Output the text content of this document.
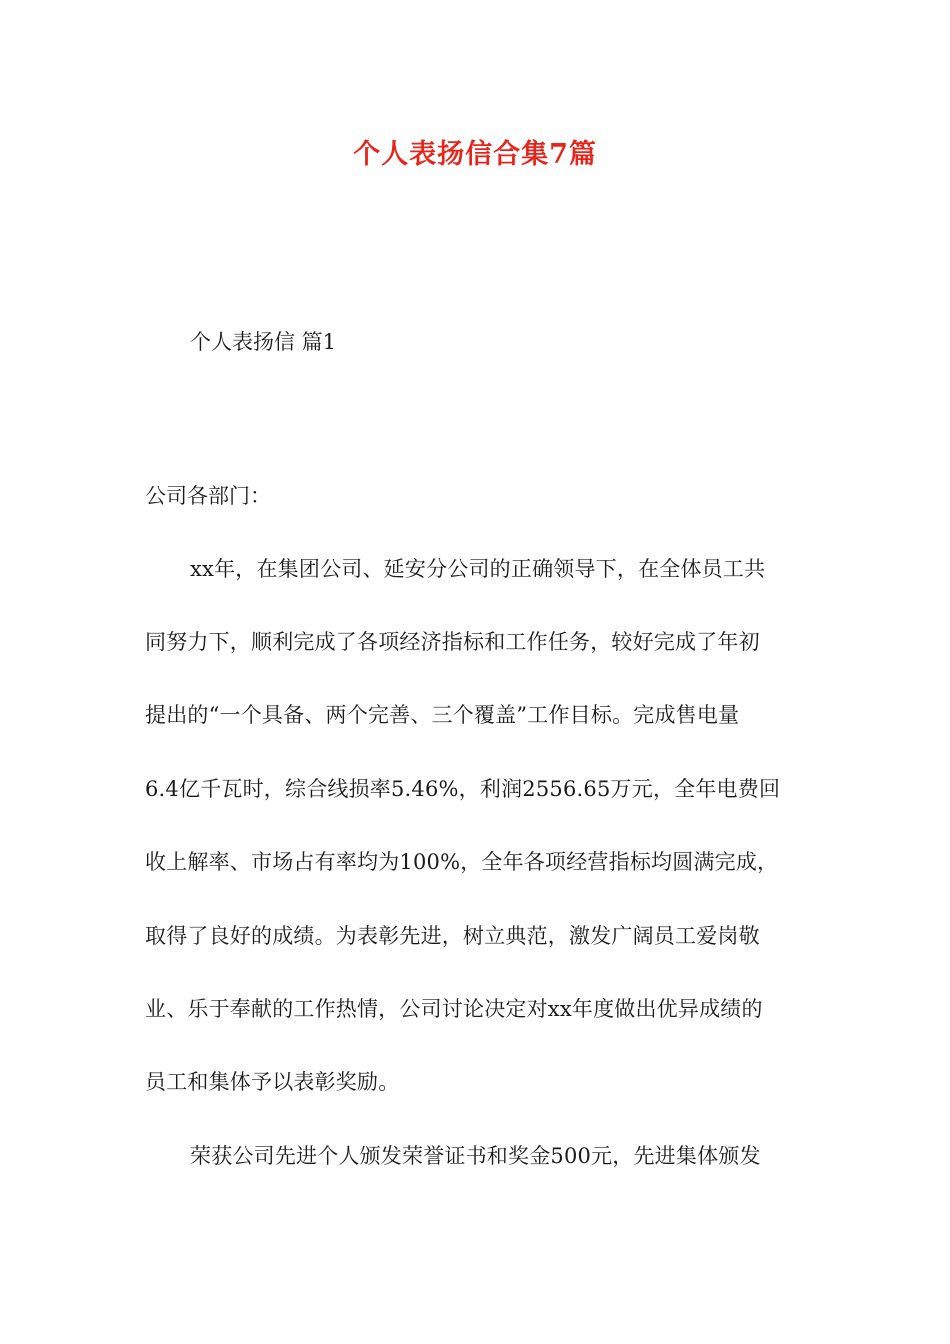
个人表扬信合集7篇
个人表扬信 篇1
公司各部门：
xx年，在集团公司、延安分公司的正确领导下，在全体员工共
同努力下，顺利完成了各项经济指标和工作任务，较好完成了年初
提出的“一个具备、两个完善、三个覆盖”工作目标。完成售电量
6.4亿千瓦时，综合线损率5.46%，利润2556.65万元，全年电费回
收上解率、市场占有率均为100%，全年各项经营指标均圆满完成，
取得了良好的成绩。为表彰先进，树立典范，激发广阔员工爱岗敬
业、乐于奉献的工作热情，公司讨论决定对xx年度做出优异成绩的
员工和集体予以表彰奖励。
荣获公司先进个人颁发荣誉证书和奖金500元，先进集体颁发
